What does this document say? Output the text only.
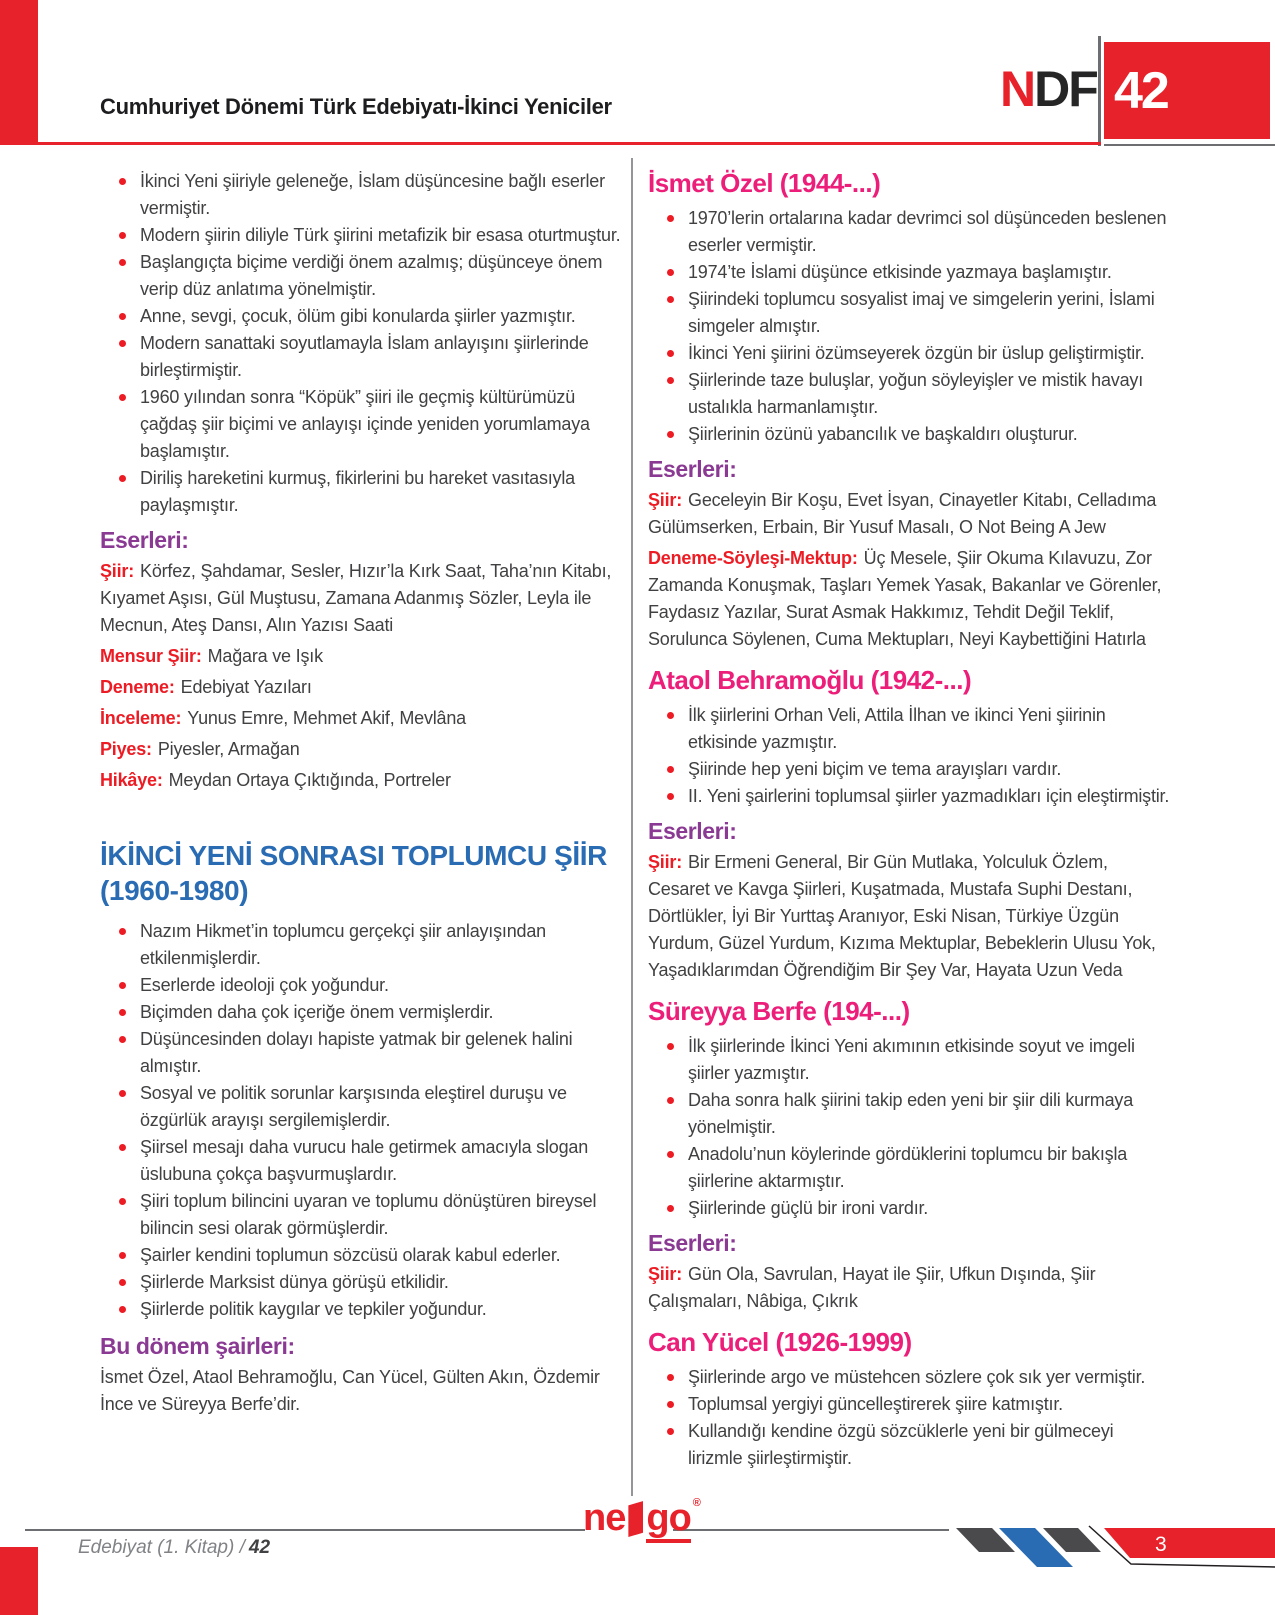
Cumhuriyet Dönemi Türk Edebiyatı-İkinci Yeniciler	NDF 42
İkinci Yeni şiiriyle geleneğe, İslam düşüncesine bağlı eserler vermiştir.
Modern şiirin diliyle Türk şiirini metafizik bir esasa oturtmuştur.
Başlangıçta biçime verdiği önem azalmış; düşünceye önem verip düz anlatıma yönelmiştir.
Anne, sevgi, çocuk, ölüm gibi konularda şiirler yazmıştır.
Modern sanattaki soyutlamayla İslam anlayışını şiirlerinde birleştirmiştir.
1960 yılından sonra “Köpük” şiiri ile geçmiş kültürümüzü çağdaş şiir biçimi ve anlayışı içinde yeniden yorumlamaya başlamıştır.
Diriliş hareketini kurmuş, fikirlerini bu hareket vasıtasıyla paylaşmıştır.
Eserleri:

Şiir: Körfez, Şahdamar, Sesler, Hızır’la Kırk Saat, Taha’nın Kitabı, Kıyamet Aşısı, Gül Muştusu, Zamana Adanmış Sözler, Leyla ile Mecnun, Ateş Dansı, Alın Yazısı Saati

Mensur Şiir: Mağara ve Işık

Deneme: Edebiyat Yazıları

İnceleme: Yunus Emre, Mehmet Akif, Mevlâna

Piyes: Piyesler, Armağan

Hikâye: Meydan Ortaya Çıktığında, Portreler

İKİNCİ YENİ SONRASI TOPLUMCU ŞİİR
(1960-1980)
Nazım Hikmet’in toplumcu gerçekçi şiir anlayışından etkilenmişlerdir.
Eserlerde ideoloji çok yoğundur.
Biçimden daha çok içeriğe önem vermişlerdir.
Düşüncesinden dolayı hapiste yatmak bir gelenek halini almıştır.
Sosyal ve politik sorunlar karşısında eleştirel duruşu ve özgürlük arayışı sergilemişlerdir.
Şiirsel mesajı daha vurucu hale getirmek amacıyla slogan üslubuna çokça başvurmuşlardır.
Şiiri toplum bilincini uyaran ve toplumu dönüştüren bireysel bilincin sesi olarak görmüşlerdir.
Şairler kendini toplumun sözcüsü olarak kabul ederler.
Şiirlerde Marksist dünya görüşü etkilidir.
Şiirlerde politik kaygılar ve tepkiler yoğundur.
Bu dönem şairleri:

İsmet Özel, Ataol Behramoğlu, Can Yücel, Gülten Akın, Özdemir İnce ve Süreyya Berfe’dir.

İsmet Özel (1944-...)
1970’lerin ortalarına kadar devrimci sol düşünceden beslenen eserler vermiştir.
1974’te İslami düşünce etkisinde yazmaya başlamıştır.
Şiirindeki toplumcu sosyalist imaj ve simgelerin yerini, İslami simgeler almıştır.
İkinci Yeni şiirini özümseyerek özgün bir üslup geliştirmiştir.
Şiirlerinde taze buluşlar, yoğun söyleyişler ve mistik havayı ustalıkla harmanlamıştır.
Şiirlerinin özünü yabancılık ve başkaldırı oluşturur.
Eserleri:

Şiir: Geceleyin Bir Koşu, Evet İsyan, Cinayetler Kitabı, Celladıma Gülümserken, Erbain, Bir Yusuf Masalı, O Not Being A Jew

Deneme-Söyleşi-Mektup: Üç Mesele, Şiir Okuma Kılavuzu, Zor Zamanda Konuşmak, Taşları Yemek Yasak, Bakanlar ve Görenler, Faydasız Yazılar, Surat Asmak Hakkımız, Tehdit Değil Teklif, Sorulunca Söylenen, Cuma Mektupları, Neyi Kaybettiğini Hatırla

Ataol Behramoğlu (1942-...)
İlk şiirlerini Orhan Veli, Attila İlhan ve ikinci Yeni şiirinin etkisinde yazmıştır.
Şiirinde hep yeni biçim ve tema arayışları vardır.
II. Yeni şairlerini toplumsal şiirler yazmadıkları için eleştirmiştir.
Eserleri:

Şiir: Bir Ermeni General, Bir Gün Mutlaka, Yolculuk Özlem, Cesaret ve Kavga Şiirleri, Kuşatmada, Mustafa Suphi Destanı, Dörtlükler, İyi Bir Yurttaş Aranıyor, Eski Nisan, Türkiye Üzgün Yurdum, Güzel Yurdum, Kızıma Mektuplar, Bebeklerin Ulusu Yok, Yaşadıklarımdan Öğrendiğim Bir Şey Var, Hayata Uzun Veda

Süreyya Berfe (194-...)
İlk şiirlerinde İkinci Yeni akımının etkisinde soyut ve imgeli şiirler yazmıştır.
Daha sonra halk şiirini takip eden yeni bir şiir dili kurmaya yönelmiştir.
Anadolu’nun köylerinde gördüklerini toplumcu bir bakışla şiirlerine aktarmıştır.
Şiirlerinde güçlü bir ironi vardır.
Eserleri:

Şiir: Gün Ola, Savrulan, Hayat ile Şiir, Ufkun Dışında, Şiir Çalışmaları, Nâbiga, Çıkrık

Can Yücel (1926-1999)
Şiirlerinde argo ve müstehcen sözlere çok sık yer vermiştir.
Toplumsal yergiyi güncelleştirerek şiire katmıştır.
Kullandığı kendine özgü sözcüklerle yeni bir gülmeceyi lirizmle şiirleştirmiştir.
Edebiyat (1. Kitap) / 42
ne go ®
3
